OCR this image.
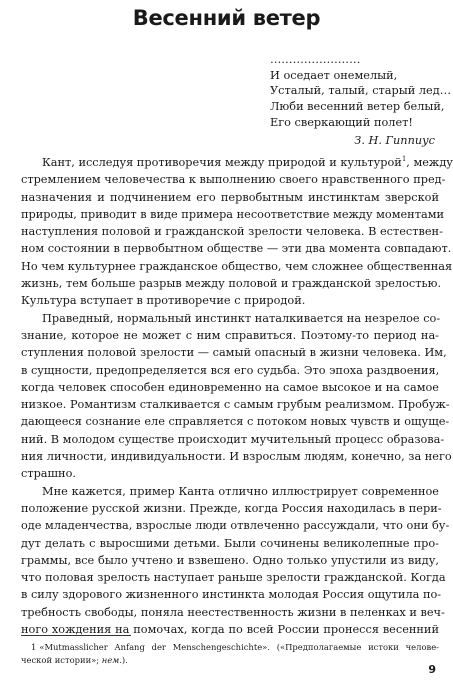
Весенний ветер
……………………
И оседает онемелый,
Усталый, талый, старый лед…
Люби весенний ветер белый,
Его сверкающий полет!
З. Н. Гиппиус
Кант, исследуя противоречия между природой и культурой$^1$, между
стремлением человечества к выполнению своего нравственного пред-
назначения и подчинением его первобытным инстинктам зверской
природы, приводит в виде примера несоответствие между моментами
наступления половой и гражданской зрелости человека. В естествен-
ном состоянии в первобытном обществе — эти два момента совпадают.
Но чем культурнее гражданское общество, чем сложнее общественная
жизнь, тем больше разрыв между половой и гражданской зрелостью.
Культура вступает в противоречие с природой.
Праведный, нормальный инстинкт наталкивается на незрелое со-
знание, которое не может с ним справиться. Поэтому-то период на-
ступления половой зрелости — самый опасный в жизни человека. Им,
в сущности, предопределяется вся его судьба. Это эпоха раздвоения,
когда человек способен единовременно на самое высокое и на самое
низкое. Романтизм сталкивается с самым грубым реализмом. Пробуж-
дающееся сознание еле справляется с потоком новых чувств и ощуще-
ний. В молодом существе происходит мучительный процесс образова-
ния личности, индивидуальности. И взрослым людям, конечно, за него
страшно.
Мне кажется, пример Канта отлично иллюстрирует современное
положение русской жизни. Прежде, когда Россия находилась в пери-
оде младенчества, взрослые люди отвлеченно рассуждали, что они бу-
дут делать с выросшими детьми. Были сочинены великолепные про-
граммы, все было учтено и взвешено. Одно только упустили из виду,
что половая зрелость наступает раньше зрелости гражданской. Когда
в силу здорового жизненного инстинкта молодая Россия ощутила по-
требность свободы, поняла неестественность жизни в пеленках и веч-
ного хождения на помочах, когда по всей России пронесся весенний
1 «Mutmasslicher Anfang der Menschengeschichte». («Предполагаемые истоки челове-
ческой истории»; нем.).
9
